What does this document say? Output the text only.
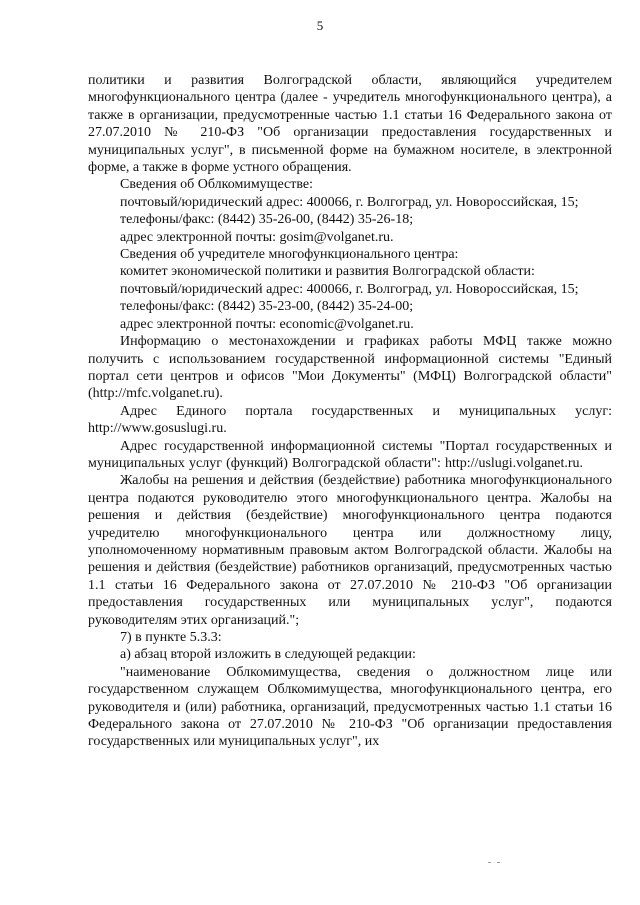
5

политики и развития Волгоградской области, являющийся учредителем многофункционального центра (далее - учредитель многофункционального центра), а также в организации, предусмотренные частью 1.1 статьи 16 Федерального закона от 27.07.2010 № 210-ФЗ "Об организации предоставления государственных и муниципальных услуг", в письменной форме на бумажном носителе, в электронной форме, а также в форме устного обращения.

Сведения об Облкомимуществе:

почтовый/юридический адрес: 400066, г. Волгоград, ул. Новороссийская, 15;

телефоны/факс: (8442) 35-26-00, (8442) 35-26-18;

адрес электронной почты: gosim@volganet.ru.

Сведения об учредителе многофункционального центра:

комитет экономической политики и развития Волгоградской области:

почтовый/юридический адрес: 400066, г. Волгоград, ул. Новороссийская, 15;

телефоны/факс: (8442) 35-23-00, (8442) 35-24-00;

адрес электронной почты: economic@volganet.ru.

Информацию о местонахождении и графиках работы МФЦ также можно получить с использованием государственной информационной системы "Единый портал сети центров и офисов "Мои Документы" (МФЦ) Волгоградской области" (http://mfc.volganet.ru).

Адрес Единого портала государственных и муниципальных услуг: http://www.gosuslugi.ru.

Адрес государственной информационной системы "Портал государственных и муниципальных услуг (функций) Волгоградской области": http://uslugi.volganet.ru.

Жалобы на решения и действия (бездействие) работника многофункционального центра подаются руководителю этого многофункционального центра. Жалобы на решения и действия (бездействие) многофункционального центра подаются учредителю многофункционального центра или должностному лицу, уполномоченному нормативным правовым актом Волгоградской области. Жалобы на решения и действия (бездействие) работников организаций, предусмотренных частью 1.1 статьи 16 Федерального закона от 27.07.2010 № 210-ФЗ "Об организации предоставления государственных или муниципальных услуг", подаются руководителям этих организаций.";

7) в пункте 5.3.3:

а) абзац второй изложить в следующей редакции:

"наименование Облкомимущества, сведения о должностном лице или государственном служащем Облкомимущества, многофункционального центра, его руководителя и (или) работника, организаций, предусмотренных частью 1.1 статьи 16 Федерального закона от 27.07.2010 № 210-ФЗ "Об организации предоставления государственных или муниципальных услуг", их
